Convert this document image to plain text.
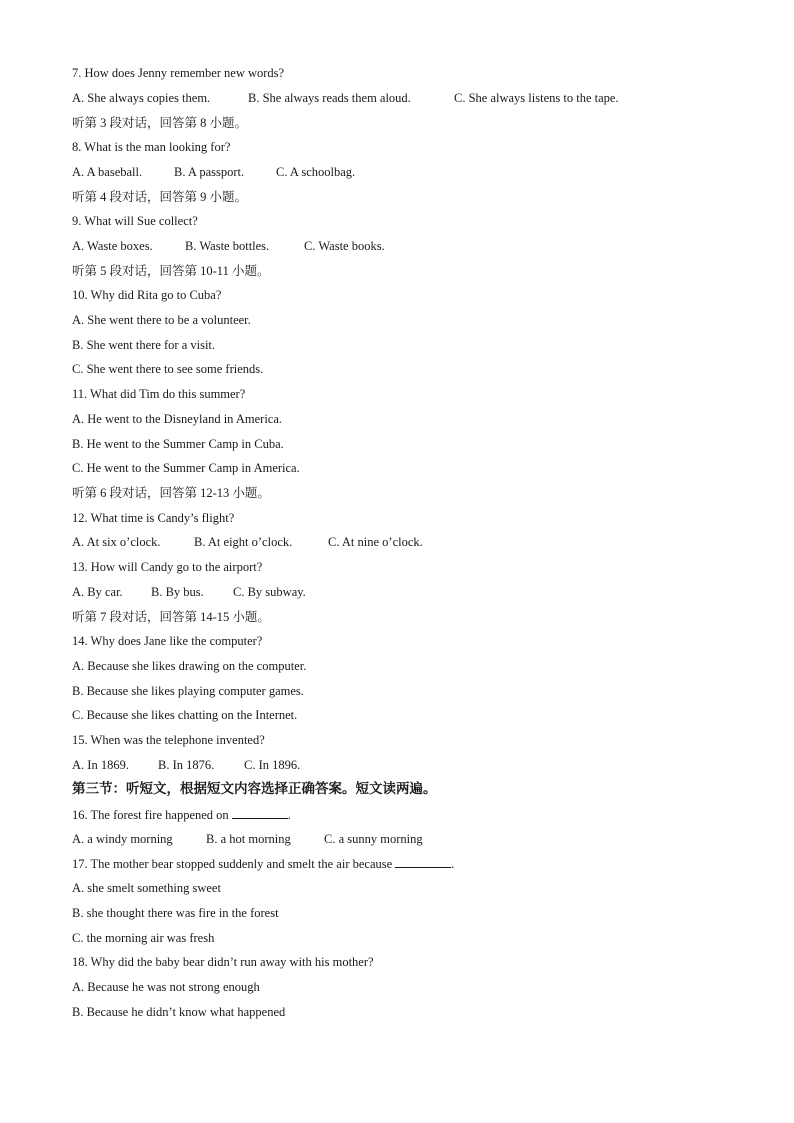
7. How does Jenny remember new words?
A. She always copies them.	B. She always reads them aloud.	C. She always listens to the tape.
听第 3 段对话，回答第 8 小题。
8. What is the man looking for?
A. A baseball.	B. A passport.	C. A schoolbag.
听第 4 段对话，回答第 9 小题。
9. What will Sue collect?
A. Waste boxes.	B. Waste bottles.	C. Waste books.
听第 5 段对话，回答第 10-11 小题。
10. Why did Rita go to Cuba?
A. She went there to be a volunteer.
B. She went there for a visit.
C. She went there to see some friends.
11. What did Tim do this summer?
A. He went to the Disneyland in America.
B. He went to the Summer Camp in Cuba.
C. He went to the Summer Camp in America.
听第 6 段对话，回答第 12-13 小题。
12. What time is Candy’s flight?
A. At six o’clock.	B. At eight o’clock.	C. At nine o’clock.
13. How will Candy go to the airport?
A. By car. B. By bus. C. By subway.
听第 7 段对话，回答第 14-15 小题。
14. Why does Jane like the computer?
A. Because she likes drawing on the computer.
B. Because she likes playing computer games.
C. Because she likes chatting on the Internet.
15. When was the telephone invented?
A. In 1869. B. In 1876. C. In 1896.
第三节：听短文，根据短文内容选择正确答案。短文读两遍。
16. The forest fire happened on	.
A. a windy morning	B. a hot morning	C. a sunny morning
17. The mother bear stopped suddenly and smelt the air because	.
A. she smelt something sweet
B. she thought there was fire in the forest
C. the morning air was fresh
18. Why did the baby bear didn’t run away with his mother?
A. Because he was not strong enough
B. Because he didn’t know what happened
